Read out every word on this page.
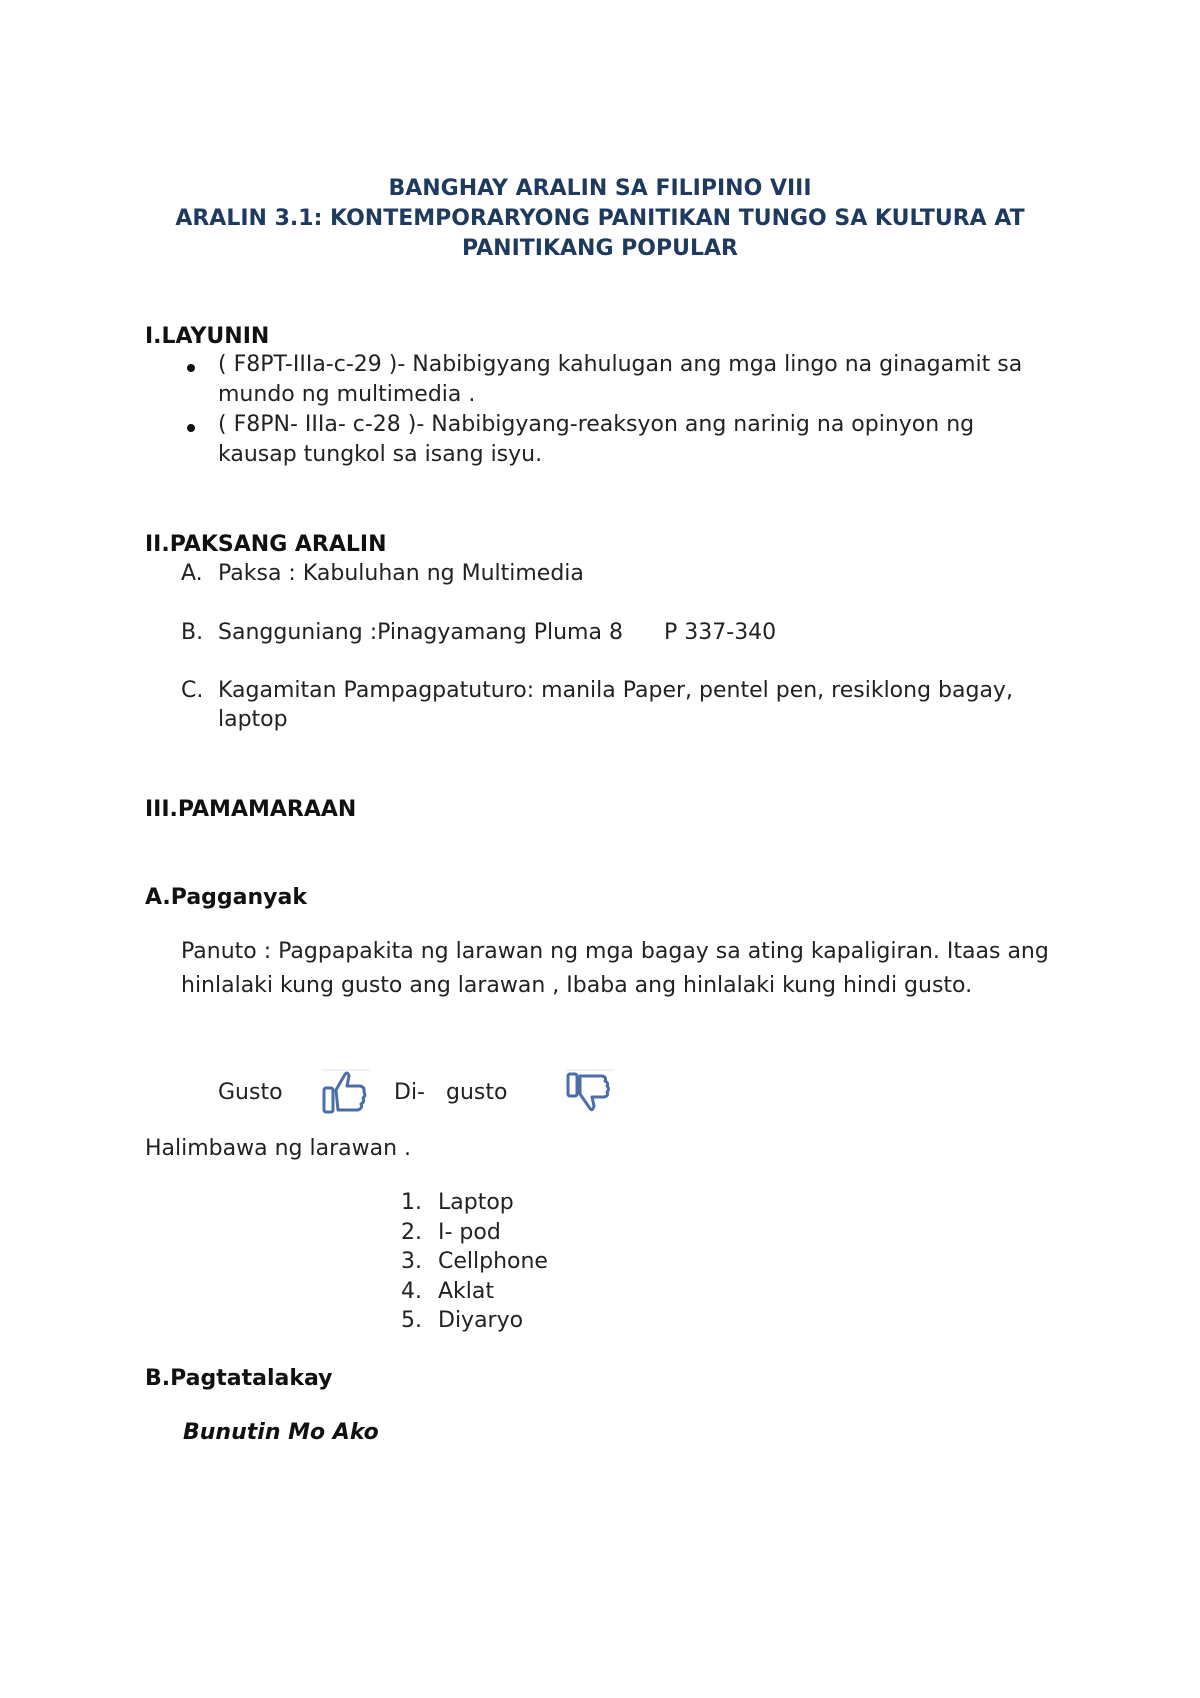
BANGHAY ARALIN SA FILIPINO VIII
ARALIN 3.1: KONTEMPORARYONG PANITIKAN TUNGO SA KULTURA AT
PANITIKANG POPULAR
I.LAYUNIN
( F8PT-IIIa-c-29 )- Nabibigyang kahulugan ang mga lingo na ginagamit sa
mundo ng multimedia .
( F8PN- IIIa- c-28 )- Nabibigyang-reaksyon ang narinig na opinyon ng
kausap tungkol sa isang isyu.
II.PAKSANG ARALIN
A. Paksa : Kabuluhan ng Multimedia
B. Sangguniang :Pinagyamang Pluma 8 P 337-340
C. Kagamitan Pampagpatuturo: manila Paper, pentel pen, resiklong bagay,
laptop
III.PAMAMARAAN
A.Pagganyak
Panuto : Pagpapakita ng larawan ng mga bagay sa ating kapaligiran. Itaas ang
hinlalaki kung gusto ang larawan , Ibaba ang hinlalaki kung hindi gusto.
Gusto	Di- gusto
Halimbawa ng larawan .
1. Laptop
2. I- pod
3. Cellphone
4. Aklat
5. Diyaryo
B.Pagtatalakay
Bunutin Mo Ako
